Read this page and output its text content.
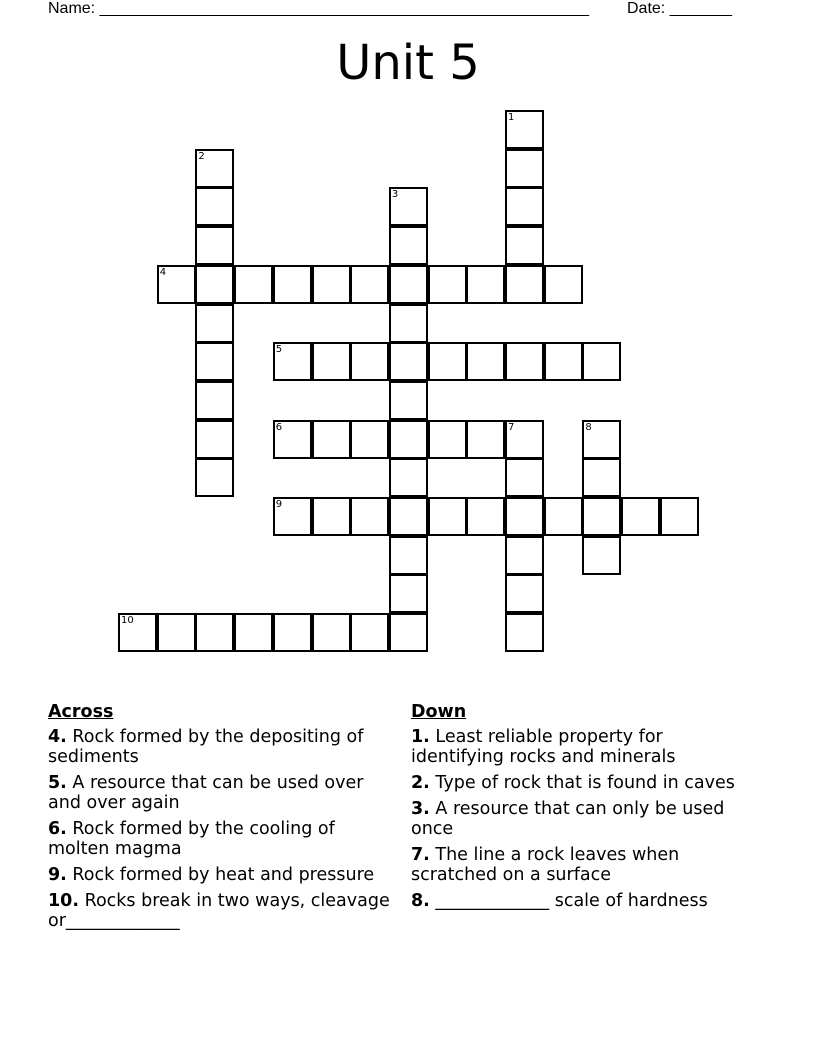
Name: _______________________________________________________ Date: _______
Unit 5
1
2
3
4
5
6	7	8
9
10
Across
4. Rock formed by the depositing of sediments
5. A resource that can be used over and over again
6. Rock formed by the cooling of molten magma
9. Rock formed by heat and pressure
10. Rocks break in two ways, cleavage or_____________
Down
1. Least reliable property for identifying rocks and minerals
2. Type of rock that is found in caves
3. A resource that can only be used once
7. The line a rock leaves when scratched on a surface
8. _____________ scale of hardness
